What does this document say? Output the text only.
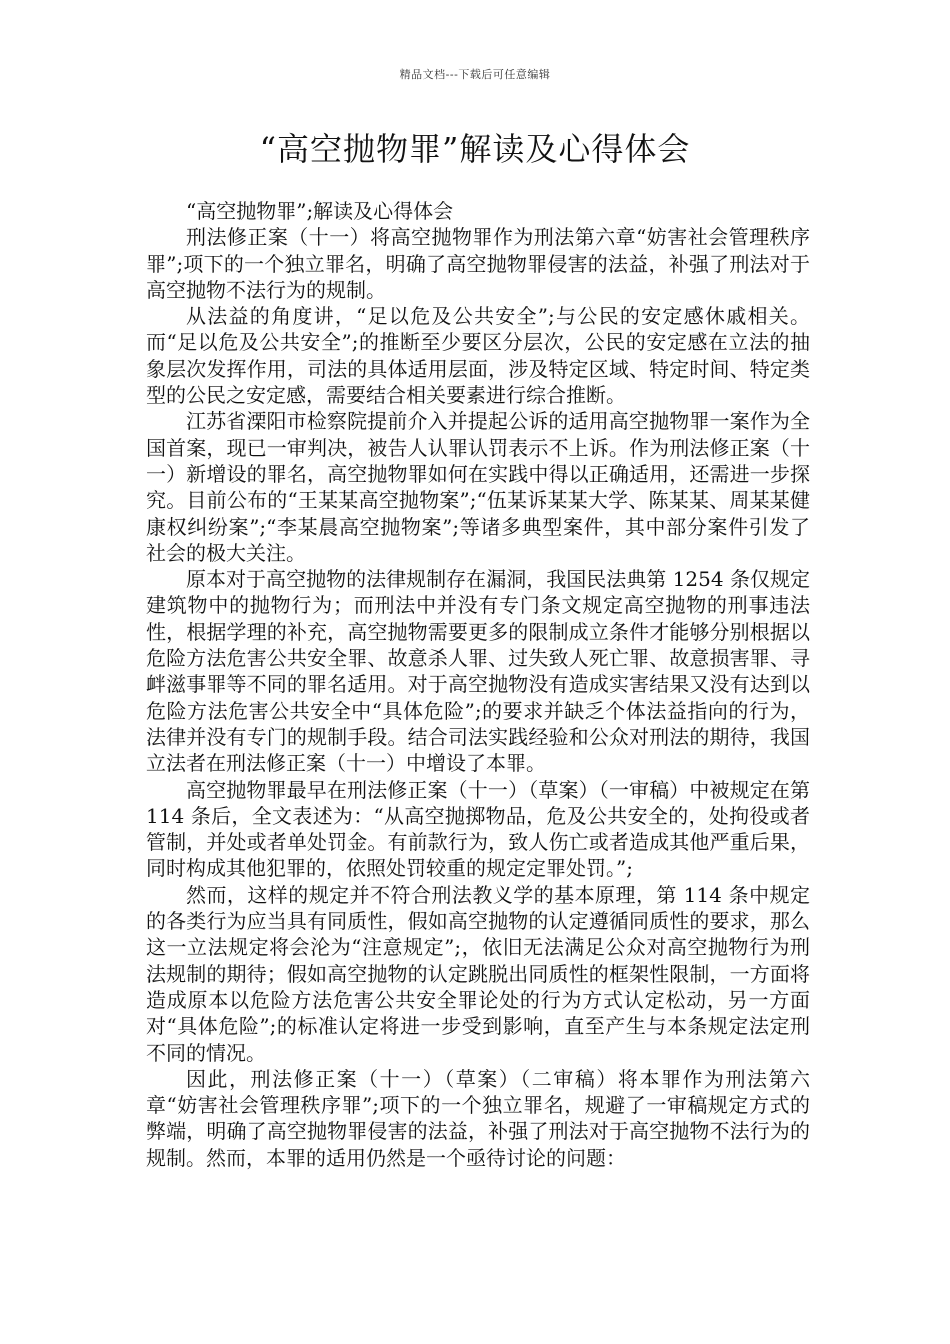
精品文档---下载后可任意编辑
“高空抛物罪”解读及心得体会

“高空抛物罪”;解读及心得体会

刑法修正案（十一）将高空抛物罪作为刑法第六章“妨害社会管理秩序罪”;项下的一个独立罪名，明确了高空抛物罪侵害的法益，补强了刑法对于高空抛物不法行为的规制。

从法益的角度讲，“足以危及公共安全”;与公民的安定感休戚相关。而“足以危及公共安全”;的推断至少要区分层次，公民的安定感在立法的抽象层次发挥作用，司法的具体适用层面，涉及特定区域、特定时间、特定类型的公民之安定感，需要结合相关要素进行综合推断。

江苏省溧阳市检察院提前介入并提起公诉的适用高空抛物罪一案作为全国首案，现已一审判决，被告人认罪认罚表示不上诉。作为刑法修正案（十一）新增设的罪名，高空抛物罪如何在实践中得以正确适用，还需进一步探究。目前公布的“王某某高空抛物案”;“伍某诉某某大学、陈某某、周某某健康权纠纷案”;“李某晨高空抛物案”;等诸多典型案件，其中部分案件引发了社会的极大关注。

原本对于高空抛物的法律规制存在漏洞，我国民法典第 1254 条仅规定建筑物中的抛物行为；而刑法中并没有专门条文规定高空抛物的刑事违法性，根据学理的补充，高空抛物需要更多的限制成立条件才能够分别根据以危险方法危害公共安全罪、故意杀人罪、过失致人死亡罪、故意损害罪、寻衅滋事罪等不同的罪名适用。对于高空抛物没有造成实害结果又没有达到以危险方法危害公共安全中“具体危险”;的要求并缺乏个体法益指向的行为，法律并没有专门的规制手段。结合司法实践经验和公众对刑法的期待，我国立法者在刑法修正案（十一）中增设了本罪。

高空抛物罪最早在刑法修正案（十一）（草案）（一审稿）中被规定在第 114 条后，全文表述为：“从高空抛掷物品，危及公共安全的，处拘役或者管制，并处或者单处罚金。有前款行为，致人伤亡或者造成其他严重后果，同时构成其他犯罪的，依照处罚较重的规定定罪处罚。”;

然而，这样的规定并不符合刑法教义学的基本原理，第 114 条中规定的各类行为应当具有同质性，假如高空抛物的认定遵循同质性的要求，那么这一立法规定将会沦为“注意规定”;，依旧无法满足公众对高空抛物行为刑法规制的期待；假如高空抛物的认定跳脱出同质性的框架性限制，一方面将造成原本以危险方法危害公共安全罪论处的行为方式认定松动，另一方面对“具体危险”;的标准认定将进一步受到影响，直至产生与本条规定法定刑不同的情况。

因此，刑法修正案（十一）（草案）（二审稿）将本罪作为刑法第六章“妨害社会管理秩序罪”;项下的一个独立罪名，规避了一审稿规定方式的弊端，明确了高空抛物罪侵害的法益，补强了刑法对于高空抛物不法行为的规制。然而，本罪的适用仍然是一个亟待讨论的问题：
